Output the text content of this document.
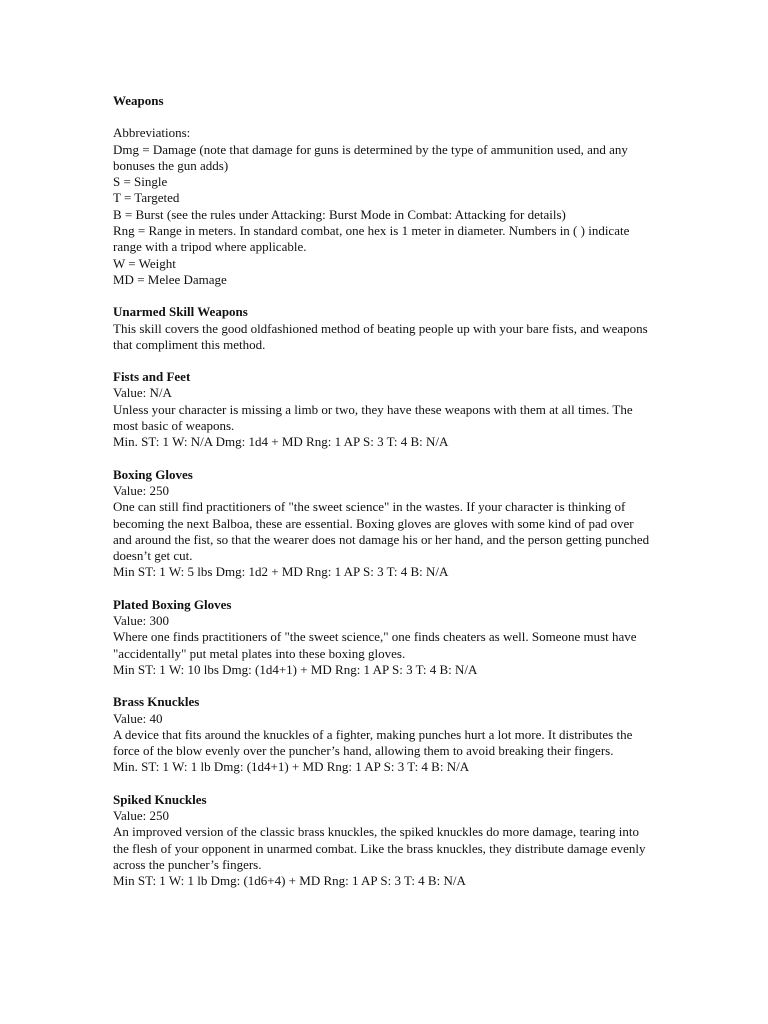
Weapons

Abbreviations:

Dmg = Damage (note that damage for guns is determined by the type of ammunition used, and any bonuses the gun adds)

S = Single

T = Targeted

B = Burst (see the rules under Attacking: Burst Mode in Combat: Attacking for details)

Rng = Range in meters. In standard combat, one hex is 1 meter in diameter. Numbers in ( ) indicate range with a tripod where applicable.

W = Weight

MD = Melee Damage

Unarmed Skill Weapons

This skill covers the good oldfashioned method of beating people up with your bare fists, and weapons that compliment this method.

Fists and Feet

Value: N/A

Unless your character is missing a limb or two, they have these weapons with them at all times. The most basic of weapons.

Min. ST: 1 W: N/A Dmg: 1d4 + MD Rng: 1 AP S: 3 T: 4 B: N/A

Boxing Gloves

Value: 250

One can still find practitioners of "the sweet science" in the wastes. If your character is thinking of becoming the next Balboa, these are essential. Boxing gloves are gloves with some kind of pad over and around the fist, so that the wearer does not damage his or her hand, and the person getting punched doesn’t get cut.

Min ST: 1 W: 5 lbs Dmg: 1d2 + MD Rng: 1 AP S: 3 T: 4 B: N/A

Plated Boxing Gloves

Value: 300

Where one finds practitioners of "the sweet science," one finds cheaters as well. Someone must have "accidentally" put metal plates into these boxing gloves.

Min ST: 1 W: 10 lbs Dmg: (1d4+1) + MD Rng: 1 AP S: 3 T: 4 B: N/A

Brass Knuckles

Value: 40

A device that fits around the knuckles of a fighter, making punches hurt a lot more. It distributes the force of the blow evenly over the puncher’s hand, allowing them to avoid breaking their fingers.

Min. ST: 1 W: 1 lb Dmg: (1d4+1) + MD Rng: 1 AP S: 3 T: 4 B: N/A

Spiked Knuckles

Value: 250

An improved version of the classic brass knuckles, the spiked knuckles do more damage, tearing into the flesh of your opponent in unarmed combat. Like the brass knuckles, they distribute damage evenly across the puncher’s fingers.

Min ST: 1 W: 1 lb Dmg: (1d6+4) + MD Rng: 1 AP S: 3 T: 4 B: N/A
